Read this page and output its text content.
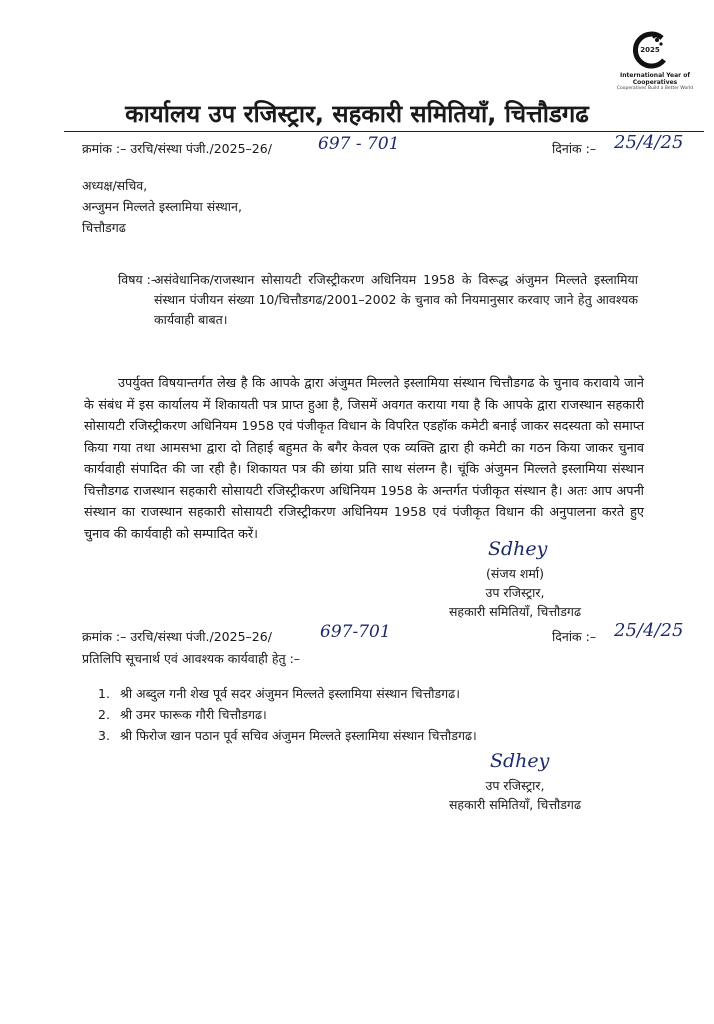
2025
International Year of Cooperatives
Cooperatives Build a Better World
कार्यालय उप रजिस्ट्रार, सहकारी समितियाँ, चित्तौडगढ
क्रमांक :– उरचि/संस्था पंजी./2025–26/	697 - 701	दिनांक :– 25/4/25
अध्यक्ष/सचिव,
अन्जुमन मिल्लते इस्लामिया संस्थान,
चित्तौडगढ
विषय :–
असंवेधानिक/राजस्थान सोसायटी रजिस्ट्रीकरण अधिनियम 1958 के विरूद्ध अंजुमन मिल्लते इस्लामिया संस्थान पंजीयन संख्या 10/चित्तौडगढ/2001–2002 के चुनाव को नियमानुसार करवाए जाने हेतु आवश्यक कार्यवाही बाबत।
उपर्युक्त विषयान्तर्गत लेख है कि आपके द्वारा अंजुमत मिल्लते इस्लामिया संस्थान चित्तौडगढ के चुनाव करावाये जाने के संबंध में इस कार्यालय में शिकायती पत्र प्राप्त हुआ है, जिसमें अवगत कराया गया है कि आपके द्वारा राजस्थान सहकारी सोसायटी रजिस्ट्रीकरण अधिनियम 1958 एवं पंजीकृत विधान के विपरित एडहॉक कमेटी बनाई जाकर सदस्यता को समाप्त किया गया तथा आमसभा द्वारा दो तिहाई बहुमत के बगैर केवल एक व्यक्ति द्वारा ही कमेटी का गठन किया जाकर चुनाव कार्यवाही संपादित की जा रही है। शिकायत पत्र की छांया प्रति साथ संलग्न है। चूंकि अंजुमन मिल्लते इस्लामिया संस्थान चित्तौडगढ राजस्थान सहकारी सोसायटी रजिस्ट्रीकरण अधिनियम 1958 के अन्तर्गत पंजीकृत संस्थान है। अतः आप अपनी संस्थान का राजस्थान सहकारी सोसायटी रजिस्ट्रीकरण अधिनियम 1958 एवं पंजीकृत विधान की अनुपालना करते हुए चुनाव की कार्यवाही को सम्पादित करें।
Sdhey
(संजय शर्मा)
उप रजिस्ट्रार,
सहकारी समितियाँ, चित्तौडगढ
क्रमांक :– उरचि/संस्था पंजी./2025–26/	697-701	दिनांक :– 25/4/25
प्रतिलिपि सूचनार्थ एवं आवश्यक कार्यवाही हेतु :–
1. श्री अब्दुल गनी शेख पूर्व सदर अंजुमन मिल्लते इस्लामिया संस्थान चित्तौडगढ।
2. श्री उमर फारूक गौरी चित्तौडगढ।
3. श्री फिरोज खान पठान पूर्व सचिव अंजुमन मिल्लते इस्लामिया संस्थान चित्तौडगढ।
Sdhey
उप रजिस्ट्रार,
सहकारी समितियाँ, चित्तौडगढ
